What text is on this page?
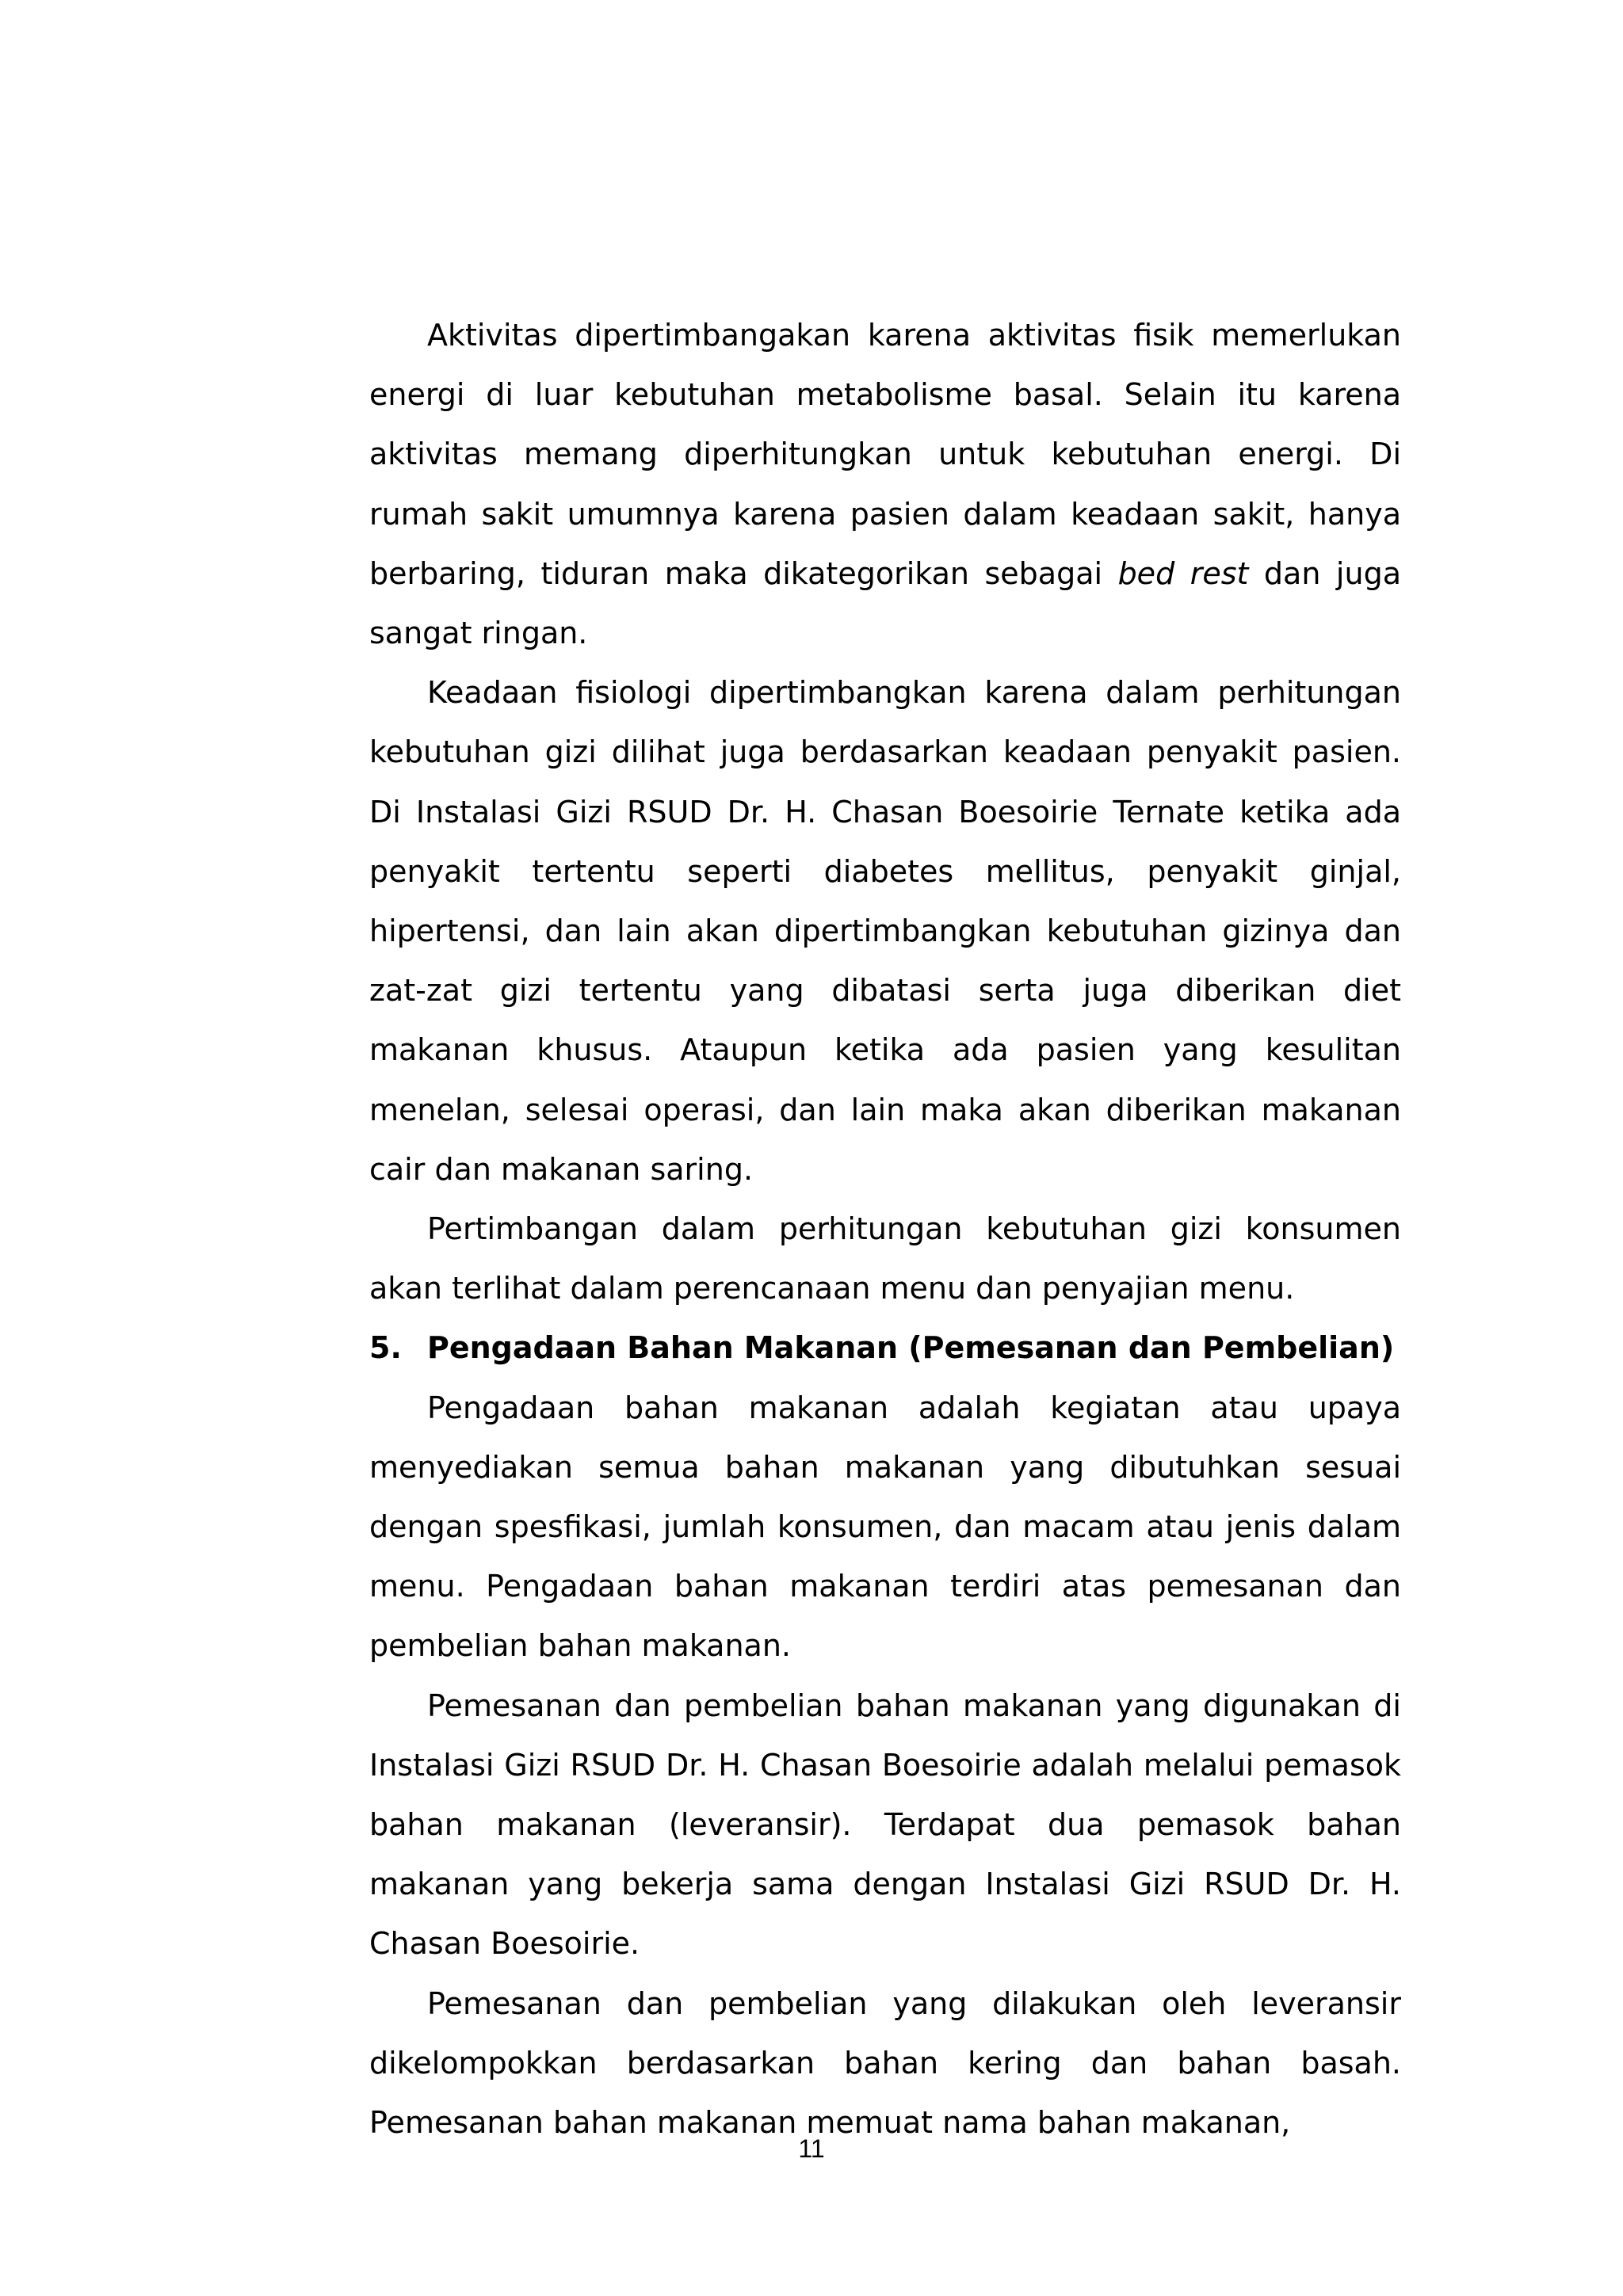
Aktivitas dipertimbangakan karena aktivitas fisik memerlukan energi di luar kebutuhan metabolisme basal. Selain itu karena aktivitas memang diperhitungkan untuk kebutuhan energi. Di rumah sakit umumnya karena pasien dalam keadaan sakit, hanya berbaring, tiduran maka dikategorikan sebagai bed rest dan juga sangat ringan.

Keadaan fisiologi dipertimbangkan karena dalam perhitungan kebutuhan gizi dilihat juga berdasarkan keadaan penyakit pasien. Di Instalasi Gizi RSUD Dr. H. Chasan Boesoirie Ternate ketika ada penyakit tertentu seperti diabetes mellitus, penyakit ginjal, hipertensi, dan lain akan dipertimbangkan kebutuhan gizinya dan zat-zat gizi tertentu yang dibatasi serta juga diberikan diet makanan khusus. Ataupun ketika ada pasien yang kesulitan menelan, selesai operasi, dan lain maka akan diberikan makanan cair dan makanan saring.

Pertimbangan dalam perhitungan kebutuhan gizi konsumen akan terlihat dalam perencanaan menu dan penyajian menu.

5. Pengadaan Bahan Makanan (Pemesanan dan Pembelian)

Pengadaan bahan makanan adalah kegiatan atau upaya menyediakan semua bahan makanan yang dibutuhkan sesuai dengan spesfikasi, jumlah konsumen, dan macam atau jenis dalam menu. Pengadaan bahan makanan terdiri atas pemesanan dan pembelian bahan makanan.

Pemesanan dan pembelian bahan makanan yang digunakan di Instalasi Gizi RSUD Dr. H. Chasan Boesoirie adalah melalui pemasok bahan makanan (leveransir). Terdapat dua pemasok bahan makanan yang bekerja sama dengan Instalasi Gizi RSUD Dr. H. Chasan Boesoirie.

Pemesanan dan pembelian yang dilakukan oleh leveransir dikelompokkan berdasarkan bahan kering dan bahan basah. Pemesanan bahan makanan memuat nama bahan makanan,

11
